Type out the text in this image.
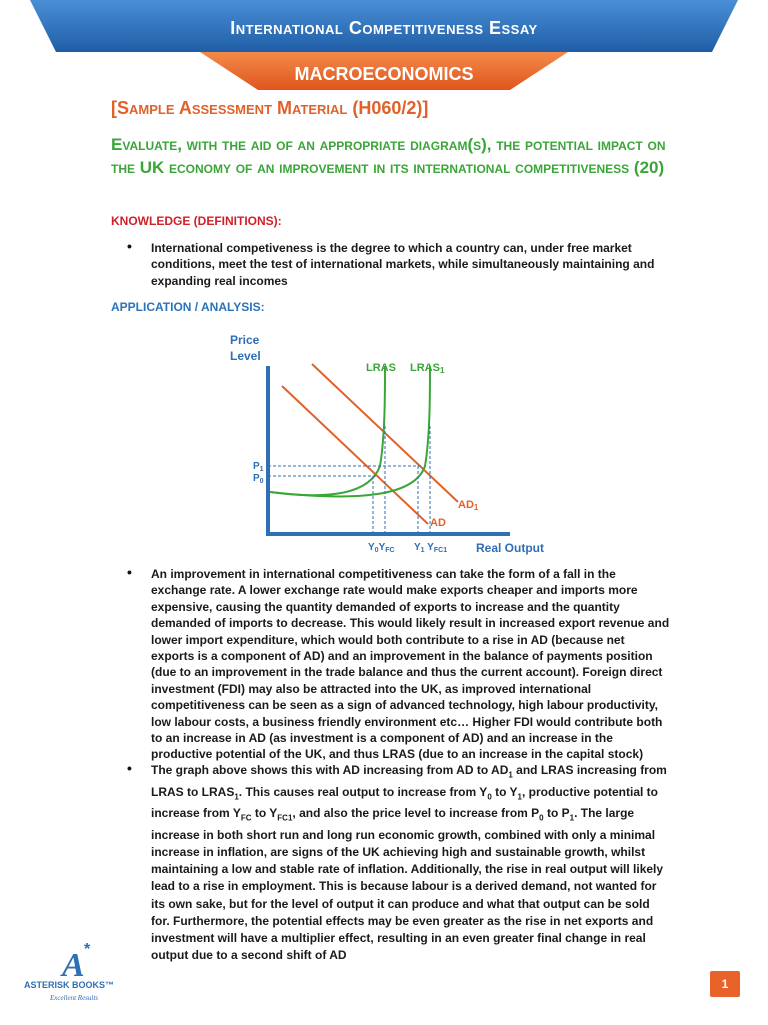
International Competitiveness Essay
MACROECONOMICS
[Sample Assessment Material (H060/2)]
Evaluate, with the aid of an appropriate diagram(s), the potential impact on the UK economy of an improvement in its international competitiveness (20)
KNOWLEDGE (DEFINITIONS):
• International competiveness is the degree to which a country can, under free market conditions, meet the test of international markets, while simultaneously maintaining and expanding real incomes
APPLICATION / ANALYSIS:
Price
Level
Real Output
LRAS LRAS1
AD1
AD
$P_1$
$P_0$
$Y_0Y_{FC}$ $Y_1$ $Y_{FC1}$
• An improvement in international competitiveness can take the form of a fall in the exchange rate. A lower exchange rate would make exports cheaper and imports more expensive, causing the quantity demanded of exports to increase and the quantity demanded of imports to decrease. This would likely result in increased export revenue and lower import expenditure, which would both contribute to a rise in AD (because net exports is a component of AD) and an improvement in the balance of payments position (due to an improvement in the trade balance and thus the current account). Foreign direct investment (FDI) may also be attracted into the UK, as improved international competitiveness can be seen as a sign of advanced technology, high labour productivity, low labour costs, a business friendly environment etc… Higher FDI would contribute both to an increase in AD (as investment is a component of AD) and an increase in the productive potential of the UK, and thus LRAS (due to an increase in the capital stock)
• The graph above shows this with AD increasing from AD to $AD_1$ and LRAS increasing from LRAS to $LRAS_1$. This causes real output to increase from $Y_0$ to $Y_1$, productive potential to increase from $Y_{FC}$ to $Y_{FC1}$, and also the price level to increase from $P_0$ to $P_1$. The large increase in both short run and long run economic growth, combined with only a minimal increase in inflation, are signs of the UK achieving high and sustainable growth, whilst maintaining a low and stable rate of inflation. Additionally, the rise in real output will likely lead to a rise in employment. This is because labour is a derived demand, not wanted for its own sake, but for the level of output it can produce and what that output can be sold for. Furthermore, the potential effects may be even greater as the rise in net exports and investment will have a multiplier effect, resulting in an even greater final change in real output due to a second shift of AD
A *
ASTERISK BOOKS™
Excellent Results
1
